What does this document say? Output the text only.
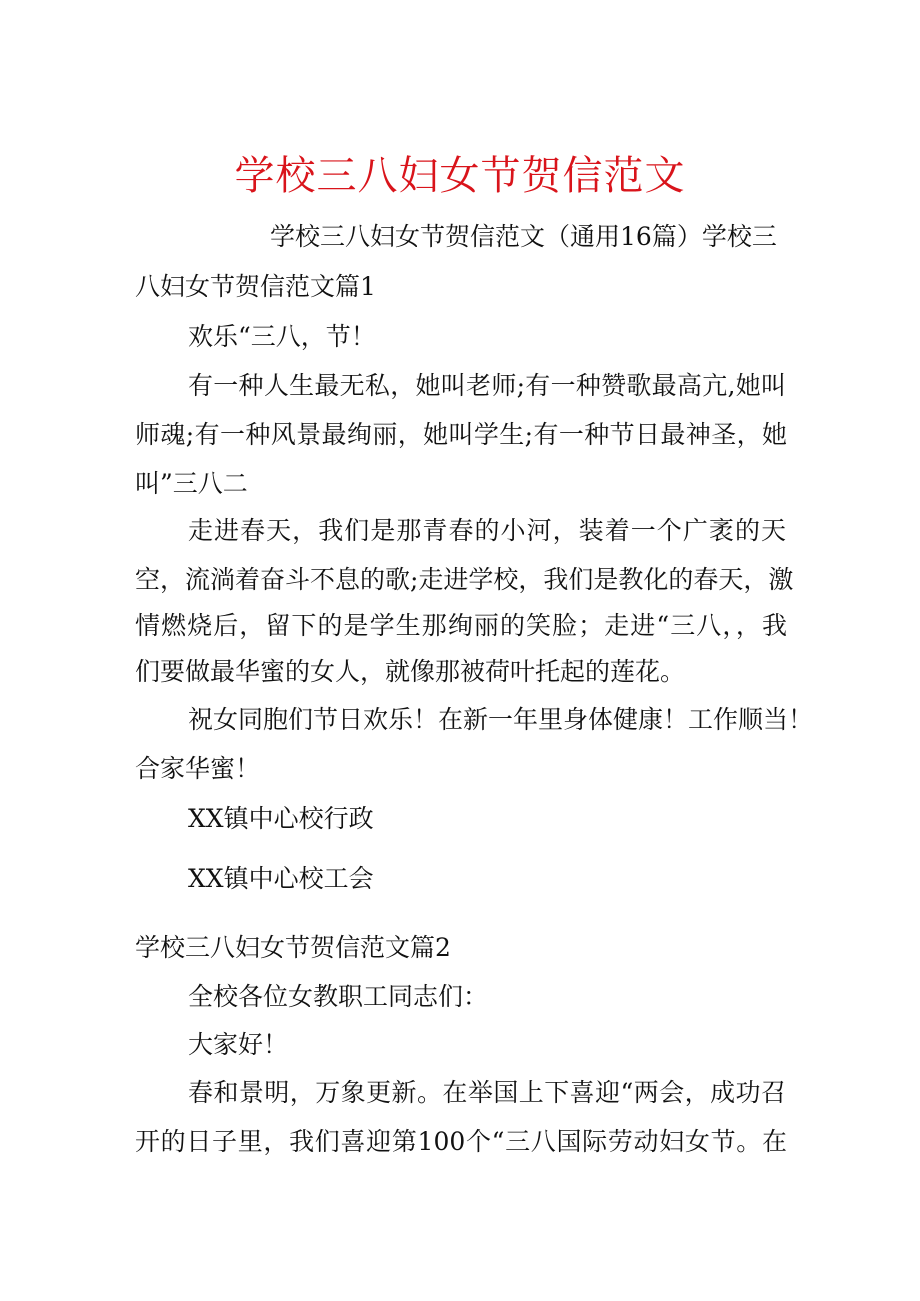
学校三八妇女节贺信范文
学校三八妇女节贺信范文（通用16篇）学校三
八妇女节贺信范文篇1
欢乐“三八，节！
有一种人生最无私，她叫老师;有一种赞歌最高亢,她叫
师魂;有一种风景最绚丽，她叫学生;有一种节日最神圣，她
叫”三八二
走进春天，我们是那青春的小河，装着一个广袤的天
空，流淌着奋斗不息的歌;走进学校，我们是教化的春天，激
情燃烧后，留下的是学生那绚丽的笑脸；走进“三八，，我
们要做最华蜜的女人，就像那被荷叶托起的莲花。
祝女同胞们节日欢乐！在新一年里身体健康！工作顺当！
合家华蜜！
XX镇中心校行政
XX镇中心校工会
学校三八妇女节贺信范文篇2
全校各位女教职工同志们：
大家好！
春和景明，万象更新。在举国上下喜迎“两会，成功召
开的日子里，我们喜迎第100个“三八国际劳动妇女节。在
